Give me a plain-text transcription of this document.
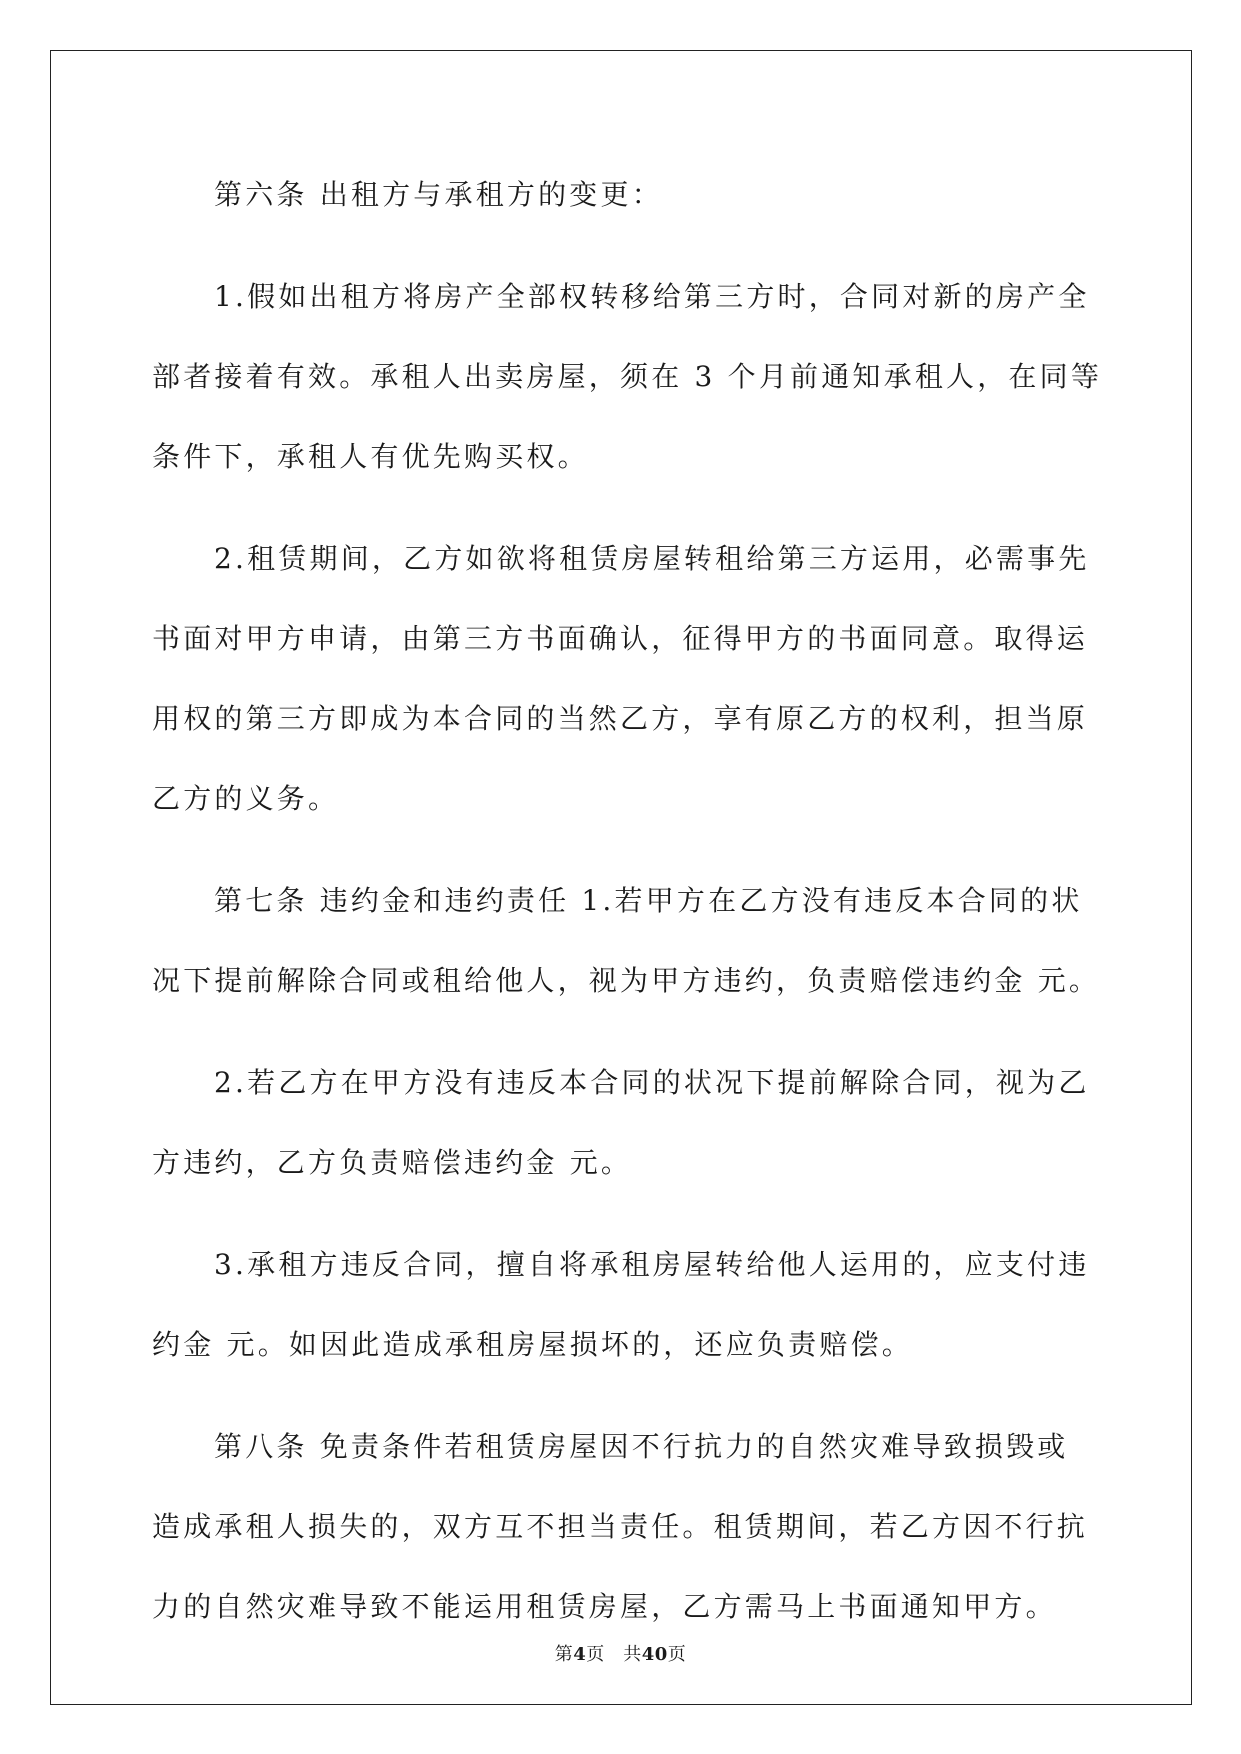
第六条 出租方与承租方的变更：

1.假如出租方将房产全部权转移给第三方时，合同对新的房产全
部者接着有效。承租人出卖房屋，须在 3 个月前通知承租人，在同等
条件下，承租人有优先购买权。

2.租赁期间，乙方如欲将租赁房屋转租给第三方运用，必需事先
书面对甲方申请，由第三方书面确认，征得甲方的书面同意。取得运
用权的第三方即成为本合同的当然乙方，享有原乙方的权利，担当原
乙方的义务。

第七条 违约金和违约责任 1.若甲方在乙方没有违反本合同的状
况下提前解除合同或租给他人，视为甲方违约，负责赔偿违约金 元。

2.若乙方在甲方没有违反本合同的状况下提前解除合同，视为乙
方违约，乙方负责赔偿违约金 元。

3.承租方违反合同，擅自将承租房屋转给他人运用的，应支付违
约金 元。如因此造成承租房屋损坏的，还应负责赔偿。

第八条 免责条件若租赁房屋因不行抗力的自然灾难导致损毁或
造成承租人损失的，双方互不担当责任。租赁期间，若乙方因不行抗
力的自然灾难导致不能运用租赁房屋，乙方需马上书面通知甲方。

第4页　共40页
